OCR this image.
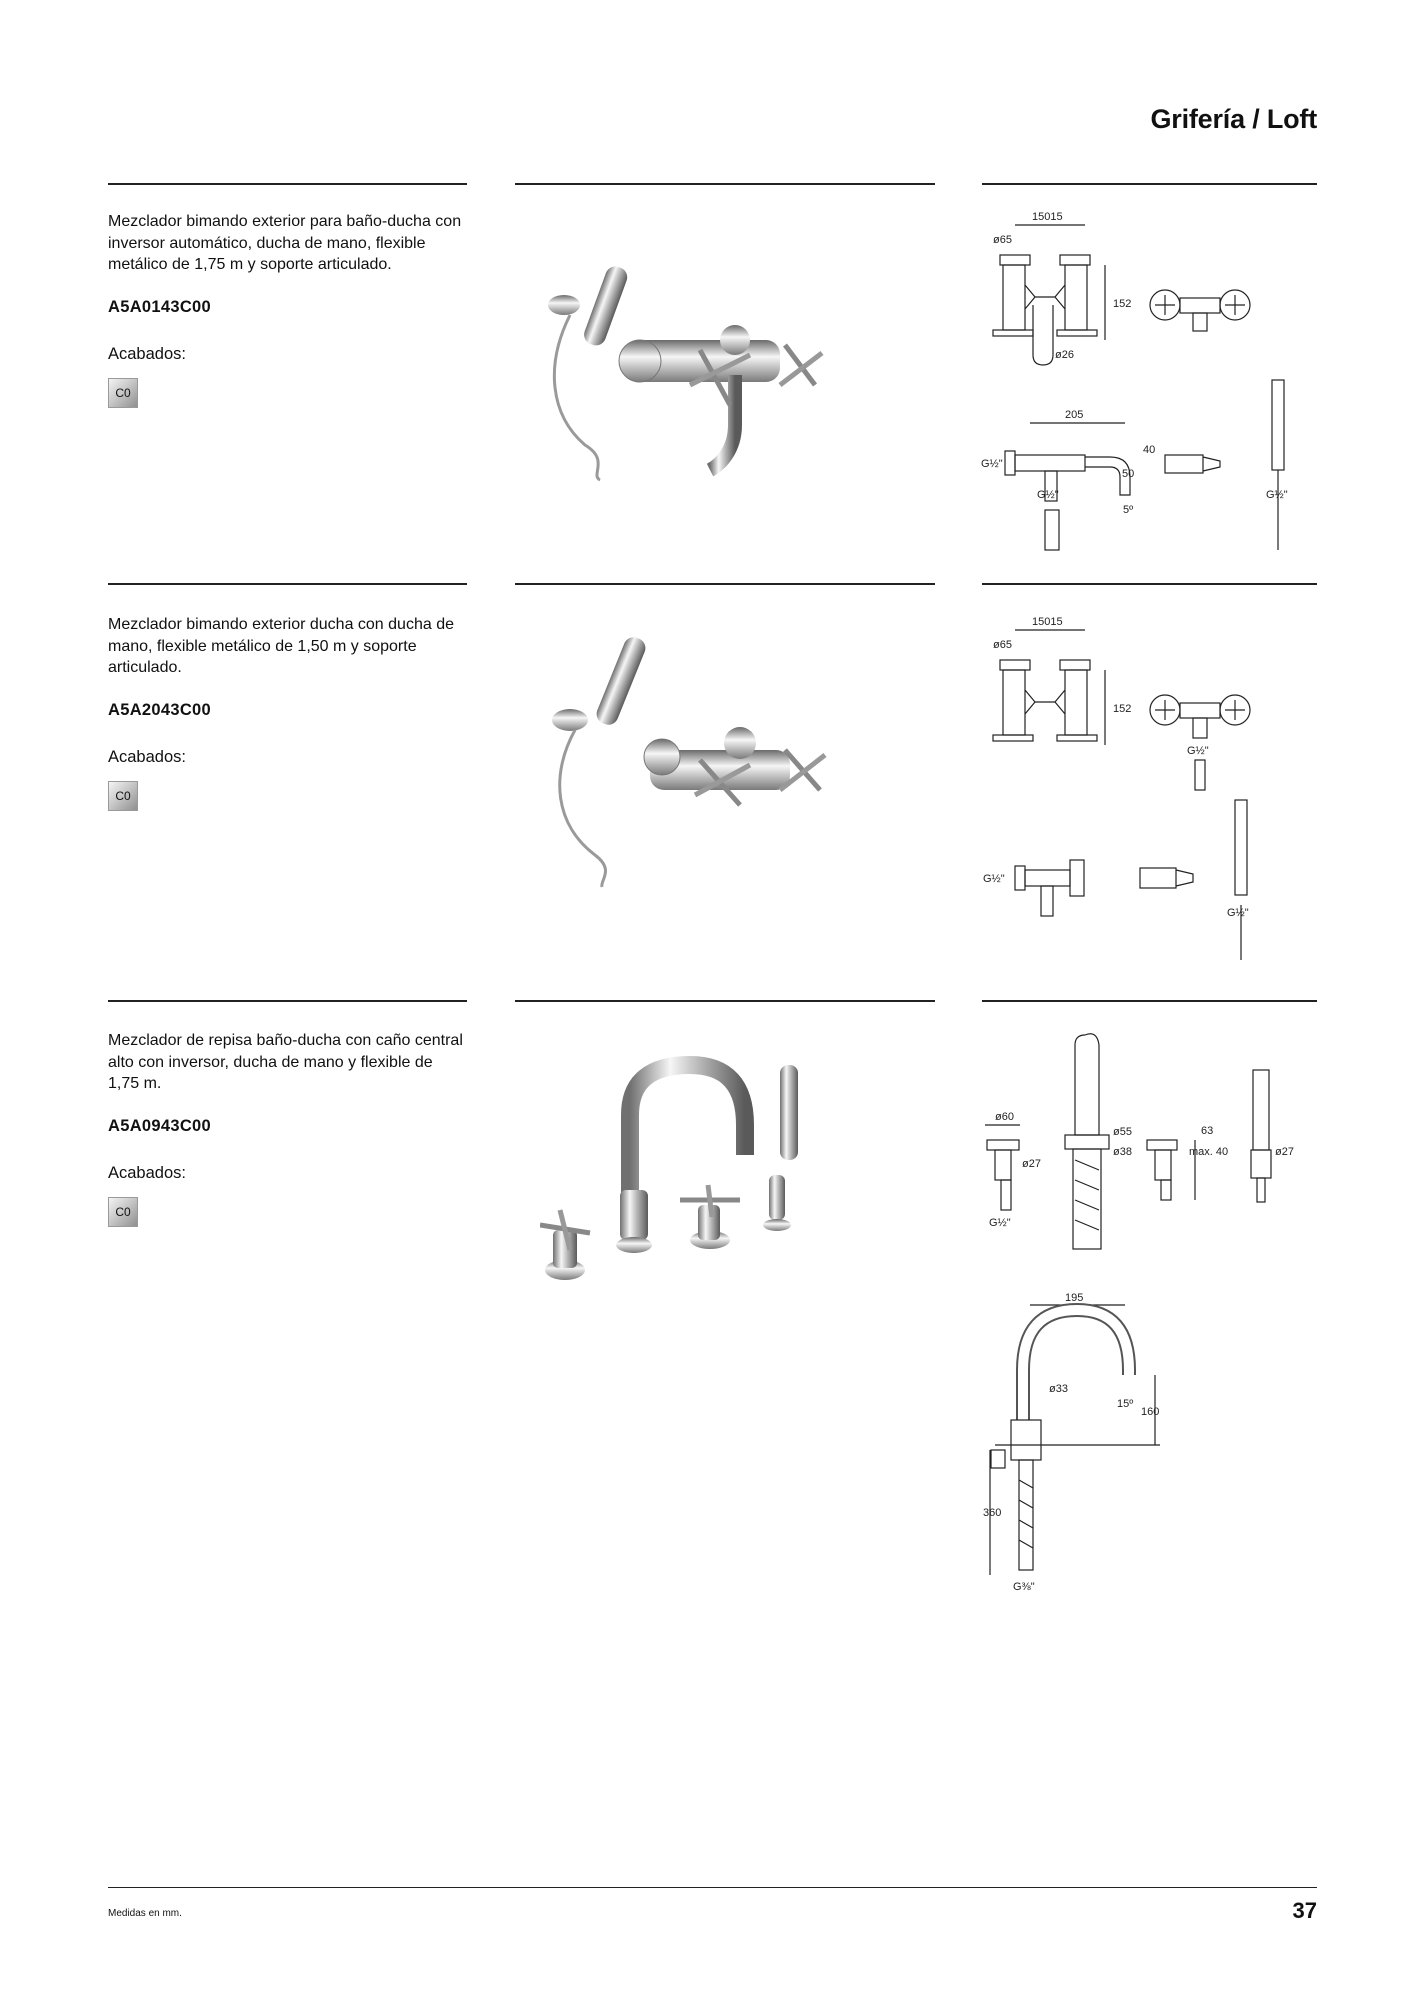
Grifería / Loft

Mezclador bimando exterior para baño-ducha con inversor automático, ducha de mano, flexible metálico de 1,75 m y soporte articulado.

A5A0143C00
Acabados:
C0
15015
ø65
152
ø26
205
40
50
5º
G½"
G½"	G½"

Mezclador bimando exterior ducha con ducha de mano, flexible metálico de 1,50 m y soporte articulado.

A5A2043C00
Acabados:
C0
15015
ø65
152
G½"
G½"
G½"

Mezclador de repisa baño-ducha con caño central alto con inversor, ducha de mano y flexible de 1,75 m.

A5A0943C00
Acabados:
C0
ø60
ø27
G½"
ø55
ø38
63
max. 40	ø27
195
ø33
15º
160
360
G⅜"
Medidas en mm.	37
